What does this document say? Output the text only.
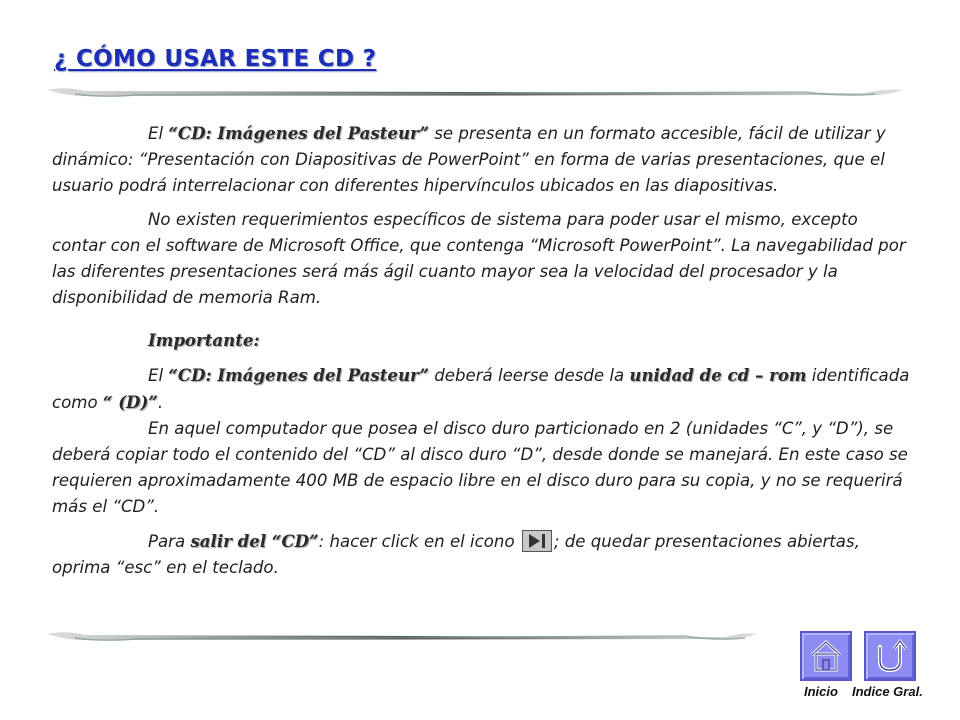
¿ CÓMO USAR ESTE CD ?

El “CD: Imágenes del Pasteur” se presenta en un formato accesible, fácil de utilizar y dinámico: “Presentación con Diapositivas de PowerPoint” en forma de varias presentaciones, que el usuario podrá interrelacionar con diferentes hipervínculos ubicados en las diapositivas.

No existen requerimientos específicos de sistema para poder usar el mismo, excepto contar con el software de Microsoft Office, que contenga “Microsoft PowerPoint”. La navegabilidad por las diferentes presentaciones será más ágil cuanto mayor sea la velocidad del procesador y la disponibilidad de memoria Ram.

Importante:

El “CD: Imágenes del Pasteur” deberá leerse desde la unidad de cd – rom identificada como “ (D)”.

En aquel computador que posea el disco duro particionado en 2 (unidades “C”, y “D”), se deberá copiar todo el contenido del “CD” al disco duro “D”, desde donde se manejará. En este caso se requieren aproximadamente 400 MB de espacio libre en el disco duro para su copia, y no se requerirá más el “CD”.

Para salir del “CD”: hacer click en el icono
; de quedar presentaciones abiertas, oprima “esc” en el teclado.

Inicio Indice Gral.
